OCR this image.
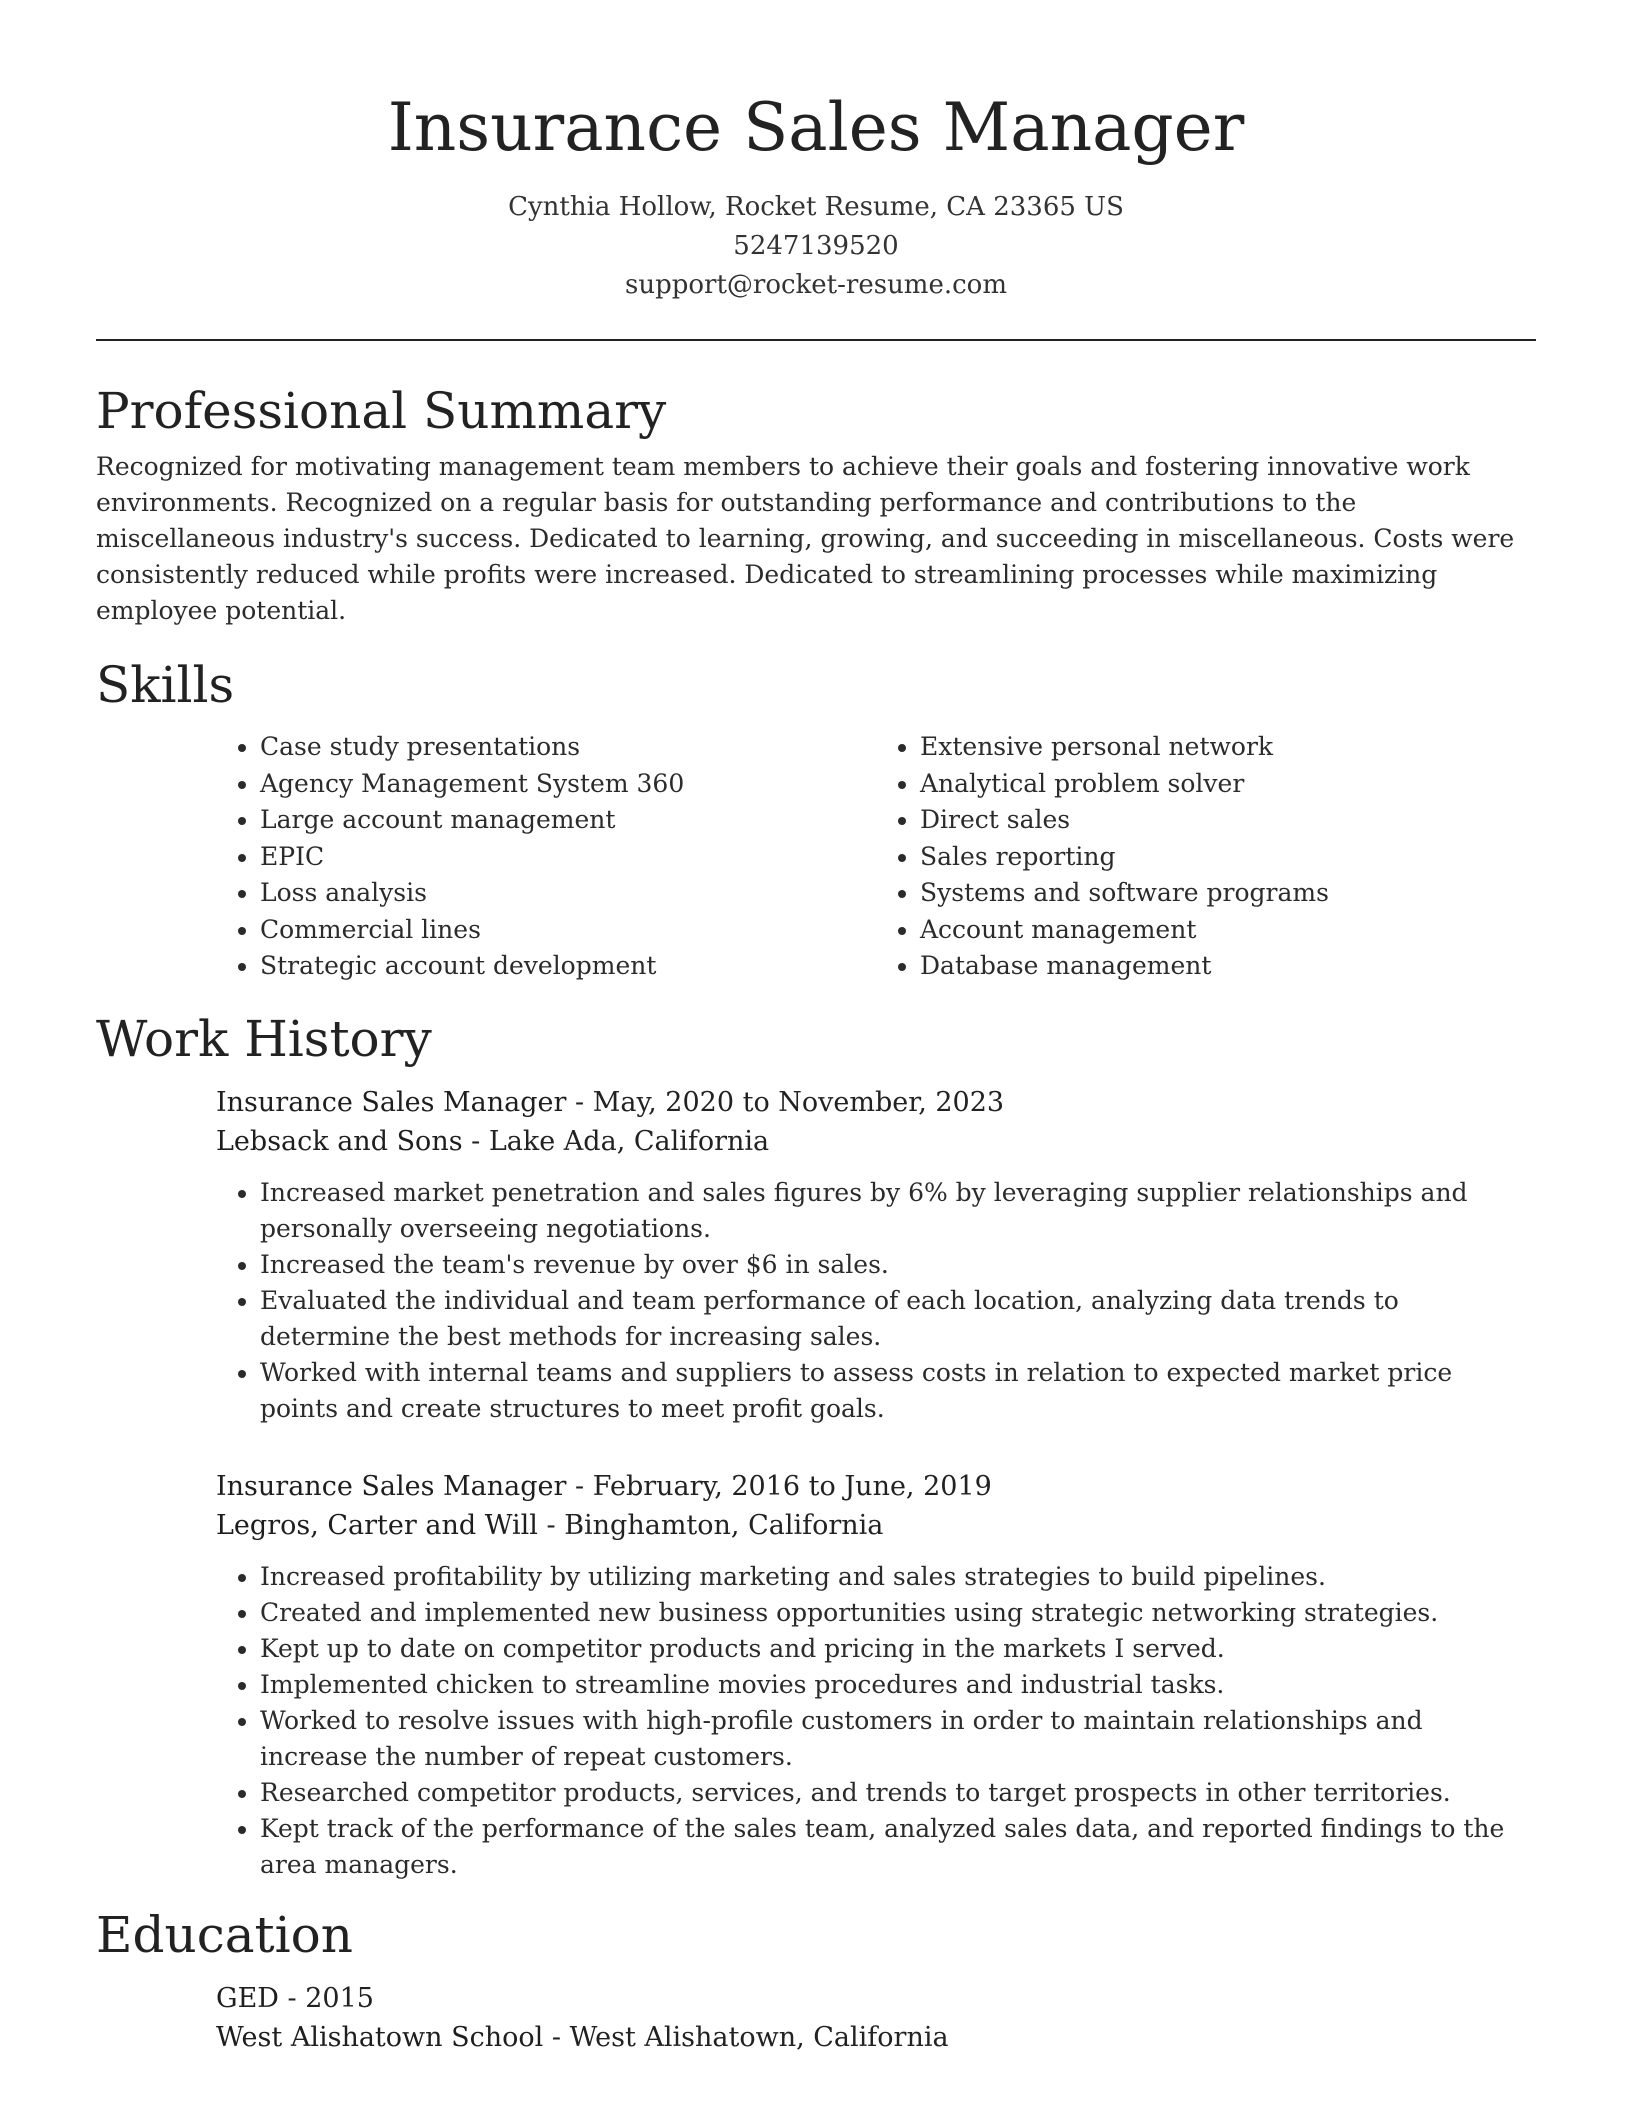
Insurance Sales Manager
Cynthia Hollow, Rocket Resume, CA 23365 US
5247139520
support@rocket-resume.com
Professional Summary

Recognized for motivating management team members to achieve their goals and fostering innovative work environments. Recognized on a regular basis for outstanding performance and contributions to the miscellaneous industry's success. Dedicated to learning, growing, and succeeding in miscellaneous. Costs were consistently reduced while profits were increased. Dedicated to streamlining processes while maximizing employee potential.

Skills
• Case study presentations
• Agency Management System 360
• Large account management
• EPIC
• Loss analysis
• Commercial lines
• Strategic account development
• Extensive personal network
• Analytical problem solver
• Direct sales
• Sales reporting
• Systems and software programs
• Account management
• Database management
Work History
Insurance Sales Manager - May, 2020 to November, 2023
Lebsack and Sons - Lake Ada, California
• Increased market penetration and sales figures by 6% by leveraging supplier relationships and personally overseeing negotiations.
• Increased the team's revenue by over $6 in sales.
• Evaluated the individual and team performance of each location, analyzing data trends to determine the best methods for increasing sales.
• Worked with internal teams and suppliers to assess costs in relation to expected market price points and create structures to meet profit goals.
Insurance Sales Manager - February, 2016 to June, 2019
Legros, Carter and Will - Binghamton, California
• Increased profitability by utilizing marketing and sales strategies to build pipelines.
• Created and implemented new business opportunities using strategic networking strategies.
• Kept up to date on competitor products and pricing in the markets I served.
• Implemented chicken to streamline movies procedures and industrial tasks.
• Worked to resolve issues with high-profile customers in order to maintain relationships and increase the number of repeat customers.
• Researched competitor products, services, and trends to target prospects in other territories.
• Kept track of the performance of the sales team, analyzed sales data, and reported findings to the area managers.
Education
GED - 2015
West Alishatown School - West Alishatown, California
